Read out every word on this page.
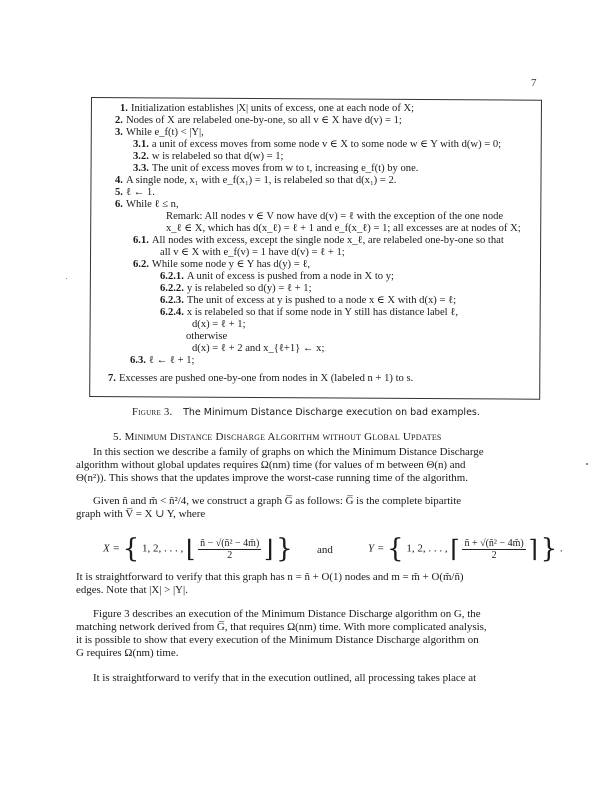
7
1. Initialization establishes |X| units of excess, one at each node of X;
2. Nodes of X are relabeled one-by-one, so all v ∈ X have d(v) = 1;
3. While e_f(t) < |Y|,
3.1. a unit of excess moves from some node v ∈ X to some node w ∈ Y with d(w) = 0;
3.2. w is relabeled so that d(w) = 1;
3.3. The unit of excess moves from w to t, increasing e_f(t) by one.
4. A single node, x₁ with e_f(x₁) = 1, is relabeled so that d(x₁) = 2.
5. ℓ ← 1.
6. While ℓ ≤ n,
Remark: All nodes v ∈ V now have d(v) = ℓ with the exception of the one node
x_ℓ ∈ X, which has d(x_ℓ) = ℓ + 1 and e_f(x_ℓ) = 1; all excesses are at nodes of X;
6.1. All nodes with excess, except the single node x_ℓ, are relabeled one-by-one so that
all v ∈ X with e_f(v) = 1 have d(v) = ℓ + 1;
6.2. While some node y ∈ Y has d(y) = ℓ,
6.2.1. A unit of excess is pushed from a node in X to y;
6.2.2. y is relabeled so d(y) = ℓ + 1;
6.2.3. The unit of excess at y is pushed to a node x ∈ X with d(x) = ℓ;
6.2.4. x is relabeled so that if some node in Y still has distance label ℓ,
d(x) = ℓ + 1;
otherwise
d(x) = ℓ + 2 and x_{ℓ+1} ← x;
6.3. ℓ ← ℓ + 1;
7. Excesses are pushed one-by-one from nodes in X (labeled n + 1) to s.
Figure 3. The Minimum Distance Discharge execution on bad examples.
5. Minimum Distance Discharge Algorithm without Global Updates

In this section we describe a family of graphs on which the Minimum Distance Discharge
algorithm without global updates requires Ω(nm) time (for values of m between Θ(n) and
Θ(n²)). This shows that the updates improve the worst-case running time of the algorithm.

Given ñ and m̃ < ñ²/4, we construct a graph G̅ as follows: G̅ is the complete bipartite
graph with V̅ = X ∪ Y, where

X = { 1, 2, . . . , ⌊ $\frac{\text{ñ − √(ñ² − 4m̃)}}{2}$ ⌋ } and	Y = { 1, 2, . . . , ⌈ $\frac{\text{ñ + √(ñ² − 4m̃)}}{2}$ ⌉ } .

It is straightforward to verify that this graph has n = ñ + O(1) nodes and m = m̃ + O(m̃/ñ)
edges. Note that |X| > |Y|.

Figure 3 describes an execution of the Minimum Distance Discharge algorithm on G, the
matching network derived from G̅, that requires Ω(nm) time. With more complicated analysis,
it is possible to show that every execution of the Minimum Distance Discharge algorithm on
G requires Ω(nm) time.

It is straightforward to verify that in the execution outlined, all processing takes place at
